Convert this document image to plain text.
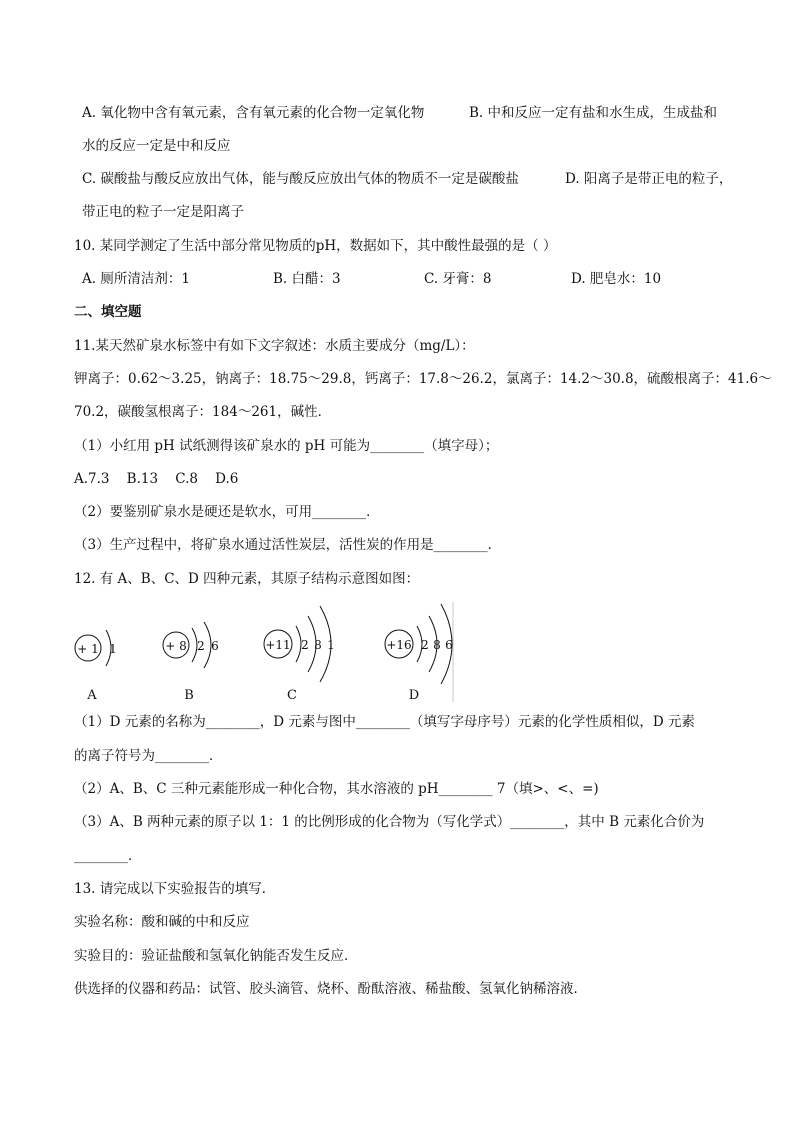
A. 氧化物中含有氧元素，含有氧元素的化合物一定氧化物	B. 中和反应一定有盐和水生成，生成盐和
水的反应一定是中和反应
C. 碳酸盐与酸反应放出气体，能与酸反应放出气体的物质不一定是碳酸盐	D. 阳离子是带正电的粒子，
带正电的粒子一定是阳离子
10. 某同学测定了生活中部分常见物质的pH，数据如下，其中酸性最强的是（ ）
A. 厕所清洁剂：1	B. 白醋：3	C. 牙膏：8	D. 肥皂水：10
二、填空题
11.某天然矿泉水标签中有如下文字叙述：水质主要成分（mg/L）：
钾离子：0.62～3.25，钠离子：18.75～29.8，钙离子：17.8～26.2，氯离子：14.2～30.8，硫酸根离子：41.6～
70.2，碳酸氢根离子：184～261，碱性．
（1）小红用 pH 试纸测得该矿泉水的 pH 可能为________（填字母）；
A.7.3    B.13    C.8    D.6
（2）要鉴别矿泉水是硬还是软水，可用________．
（3）生产过程中，将矿泉水通过活性炭层，活性炭的作用是________．
12. 有 A、B、C、D 四种元素，其原子结构示意图如图：
+ 1 1
A
+ 8 2 6
B
+11 2 8 1
C
+16 2 8 6
D
（1）D 元素的名称为________，D 元素与图中________（填写字母序号）元素的化学性质相似，D 元素
的离子符号为________．
（2）A、B、C 三种元素能形成一种化合物，其水溶液的 pH________ 7（填>、<、=)
（3）A、B 两种元素的原子以 1：1 的比例形成的化合物为（写化学式）________，其中 B 元素化合价为
________．
13. 请完成以下实验报告的填写．
实验名称：酸和碱的中和反应
实验目的：验证盐酸和氢氧化钠能否发生反应．
供选择的仪器和药品：试管、胶头滴管、烧杯、酚酞溶液、稀盐酸、氢氧化钠稀溶液．
